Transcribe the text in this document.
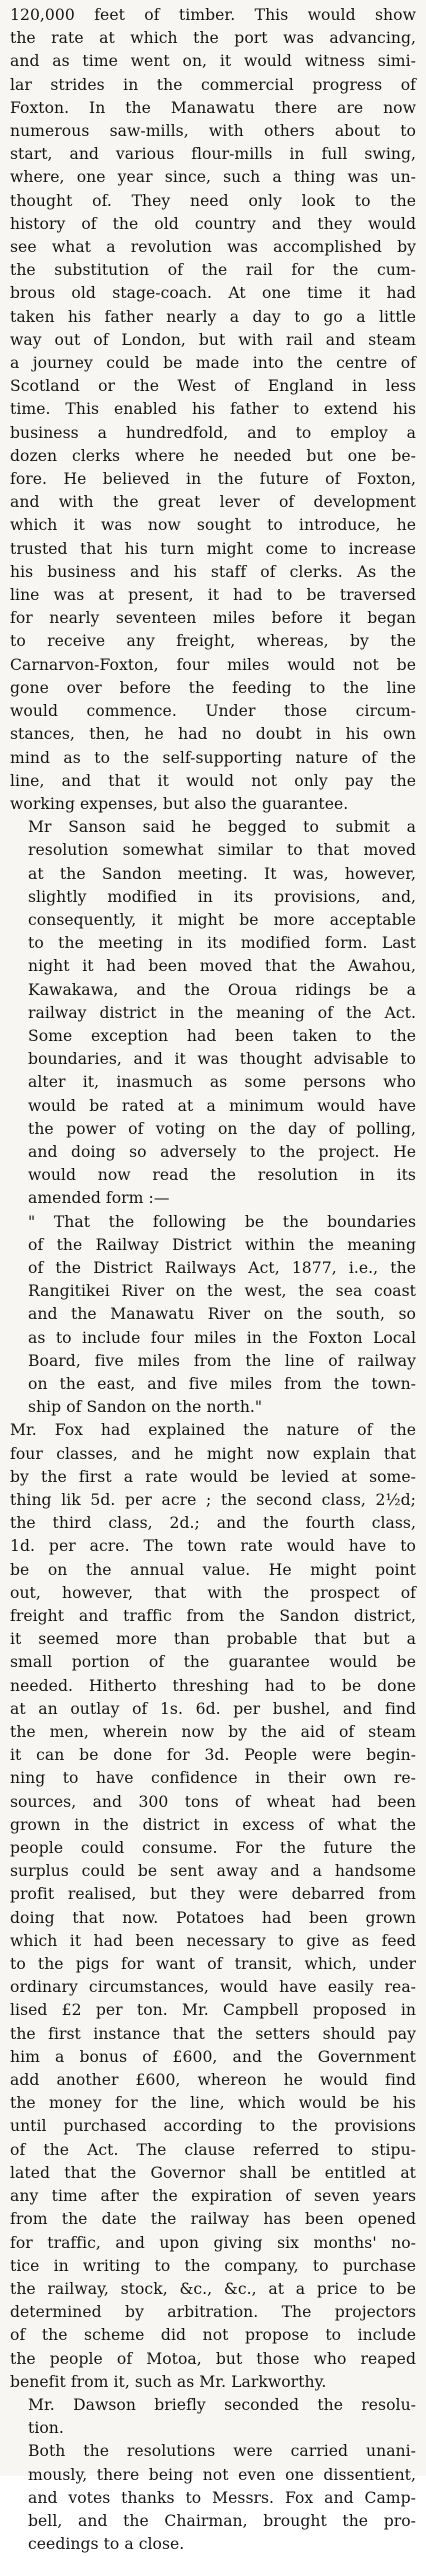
120,000 feet of timber. This would show
the rate at which the port was advancing,
and as time went on, it would witness simi-
lar strides in the commercial progress of
Foxton. In the Manawatu there are now
numerous saw-mills, with others about to
start, and various flour-mills in full swing,
where, one year since, such a thing was un-
thought of. They need only look to the
history of the old country and they would
see what a revolution was accomplished by
the substitution of the rail for the cum-
brous old stage-coach. At one time it had
taken his father nearly a day to go a little
way out of London, but with rail and steam
a journey could be made into the centre of
Scotland or the West of England in less
time. This enabled his father to extend his
business a hundredfold, and to employ a
dozen clerks where he needed but one be-
fore. He believed in the future of Foxton,
and with the great lever of development
which it was now sought to introduce, he
trusted that his turn might come to increase
his business and his staff of clerks. As the
line was at present, it had to be traversed
for nearly seventeen miles before it began
to receive any freight, whereas, by the
Carnarvon-Foxton, four miles would not be
gone over before the feeding to the line
would commence. Under those circum-
stances, then, he had no doubt in his own
mind as to the self-supporting nature of the
line, and that it would not only pay the
working expenses, but also the guarantee.
Mr Sanson said he begged to submit a
resolution somewhat similar to that moved
at the Sandon meeting. It was, however,
slightly modified in its provisions, and,
consequently, it might be more acceptable
to the meeting in its modified form. Last
night it had been moved that the Awahou,
Kawakawa, and the Oroua ridings be a
railway district in the meaning of the Act.
Some exception had been taken to the
boundaries, and it was thought advisable to
alter it, inasmuch as some persons who
would be rated at a minimum would have
the power of voting on the day of polling,
and doing so adversely to the project. He
would now read the resolution in its
amended form :—
" That the following be the boundaries
of the Railway District within the meaning
of the District Railways Act, 1877, i.e., the
Rangitikei River on the west, the sea coast
and the Manawatu River on the south, so
as to include four miles in the Foxton Local
Board, five miles from the line of railway
on the east, and five miles from the town-
ship of Sandon on the north."
Mr. Fox had explained the nature of the
four classes, and he might now explain that
by the first a rate would be levied at some-
thing lik 5d. per acre ; the second class, 2½d;
the third class, 2d.; and the fourth class,
1d. per acre. The town rate would have to
be on the annual value. He might point
out, however, that with the prospect of
freight and traffic from the Sandon district,
it seemed more than probable that but a
small portion of the guarantee would be
needed. Hitherto threshing had to be done
at an outlay of 1s. 6d. per bushel, and find
the men, wherein now by the aid of steam
it can be done for 3d. People were begin-
ning to have confidence in their own re-
sources, and 300 tons of wheat had been
grown in the district in excess of what the
people could consume. For the future the
surplus could be sent away and a handsome
profit realised, but they were debarred from
doing that now. Potatoes had been grown
which it had been necessary to give as feed
to the pigs for want of transit, which, under
ordinary circumstances, would have easily rea-
lised £2 per ton. Mr. Campbell proposed in
the first instance that the setters should pay
him a bonus of £600, and the Government
add another £600, whereon he would find
the money for the line, which would be his
until purchased according to the provisions
of the Act. The clause referred to stipu-
lated that the Governor shall be entitled at
any time after the expiration of seven years
from the date the railway has been opened
for traffic, and upon giving six months' no-
tice in writing to the company, to purchase
the railway, stock, &c., &c., at a price to be
determined by arbitration. The projectors
of the scheme did not propose to include
the people of Motoa, but those who reaped
benefit from it, such as Mr. Larkworthy.
Mr. Dawson briefly seconded the resolu-
tion.
Both the resolutions were carried unani-
mously, there being not even one dissentient,
and votes thanks to Messrs. Fox and Camp-
bell, and the Chairman, brought the pro-
ceedings to a close.
